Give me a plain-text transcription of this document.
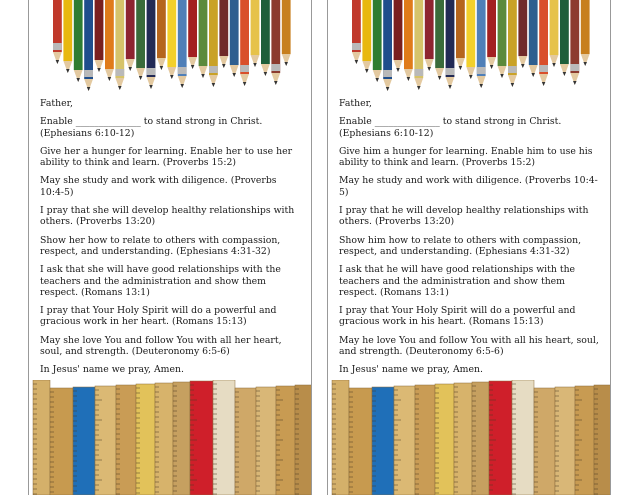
Father,

Enable ______________ to stand strong in Christ. (Ephesians 6:10-12)

Give her a hunger for learning. Enable her to use her ability to think and learn. (Proverbs 15:2)

May she study and work with diligence. (Proverbs 10:4-5)

I pray that she will develop healthy relationships with others. (Proverbs 13:20)

Show her how to relate to others with compassion, respect, and understanding. (Ephesians 4:31-32)

I ask that she will have good relationships with the teachers and the administration and show them respect. (Romans 13:1)

I pray that Your Holy Spirit will do a powerful and gracious work in her heart. (Romans 15:13)

May she love You and follow You with all her heart, soul, and strength. (Deuteronomy 6:5-6)

In Jesus' name we pray, Amen.

Father,

Enable ______________ to stand strong in Christ. (Ephesians 6:10-12)

Give him a hunger for learning. Enable him to use his ability to think and learn. (Proverbs 15:2)

May he study and work with diligence. (Proverbs 10:4-5)

I pray that he will develop healthy relationships with others. (Proverbs 13:20)

Show him how to relate to others with compassion, respect, and understanding. (Ephesians 4:31-32)

I ask that he will have good relationships with the teachers and the administration and show them respect. (Romans 13:1)

I pray that Your Holy Spirit will do a powerful and gracious work in his heart. (Romans 15:13)

May he love You and follow You with all his heart, soul, and strength. (Deuteronomy 6:5-6)

In Jesus' name we pray, Amen.
